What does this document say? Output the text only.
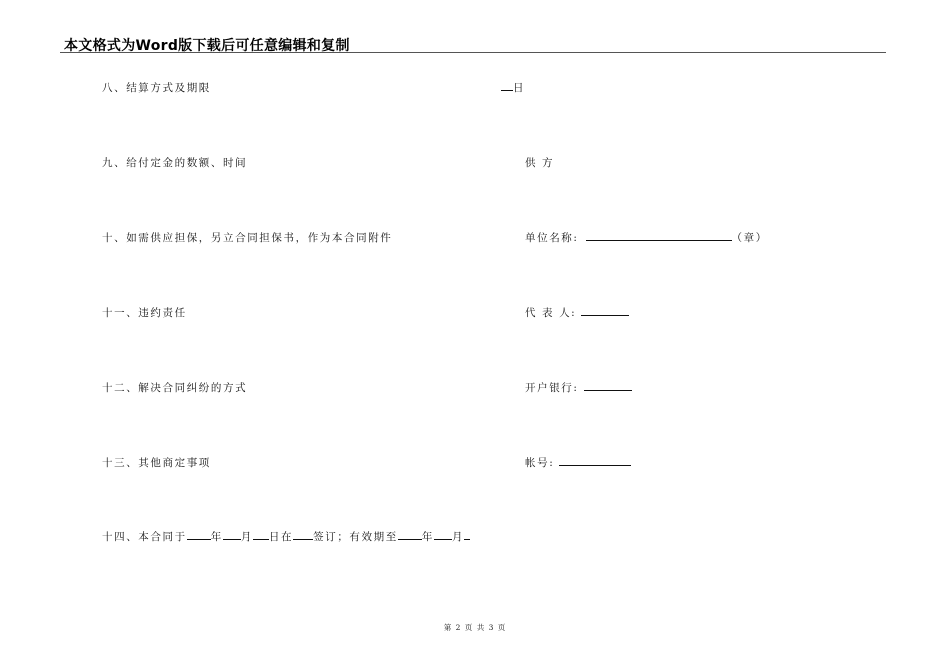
本文格式为Word版下载后可任意编辑和复制
八、结算方式及期限
九、给付定金的数额、时间
十、如需供应担保，另立合同担保书，作为本合同附件
十一、违约责任
十二、解决合同纠纷的方式
十三、其他商定事项
十四、本合同于 年 月 日在 签订；有效期至 年 月
日
供 方
单位名称:	（章）
代 表 人:
开户银行:
帐号:
第 2 页 共 3 页
